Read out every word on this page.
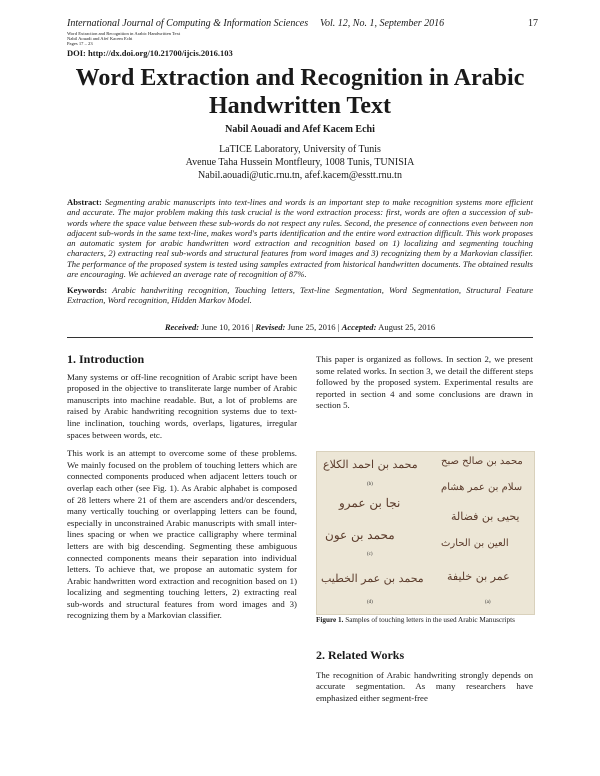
International Journal of Computing & Information Sciences Vol. 12, No. 1, September 2016	17
Word Extraction and Recognition in Arabic Handwritten Text
Nabil Aouadi and Afef Kacem Echi
Pages 17 – 23
DOI: http://dx.doi.org/10.21700/ijcis.2016.103
Word Extraction and Recognition in Arabic Handwritten Text
Nabil Aouadi and Afef Kacem Echi
LaTICE Laboratory, University of Tunis
Avenue Taha Hussein Montfleury, 1008 Tunis, TUNISIA
Nabil.aouadi@utic.rnu.tn, afef.kacem@esstt.rnu.tn
Abstract: Segmenting arabic manuscripts into text-lines and words is an important step to make recognition systems more efficient and accurate. The major problem making this task crucial is the word extraction process: first, words are often a succession of sub-words where the space value between these sub-words do not respect any rules. Second, the presence of connections even between non adjacent sub-words in the same text-line, makes word's parts identification and the entire word extraction difficult. This work proposes an automatic system for arabic handwritten word extraction and recognition based on 1) localizing and segmenting touching characters, 2) extracting real sub-words and structural features from word images and 3) recognizing them by a Markovian classifier. The performance of the proposed system is tested using samples extracted from historical handwritten documents. The obtained results are encouraging. We achieved an average rate of recognition of 87%.
Keywords: Arabic handwriting recognition, Touching letters, Text-line Segmentation, Word Segmentation, Structural Feature Extraction, Word recognition, Hidden Markov Model.
Received: June 10, 2016 | Revised: June 25, 2016 | Accepted: August 25, 2016
1. Introduction

Many systems or off-line recognition of Arabic script have been proposed in the objective to transliterate large number of Arabic manuscripts into machine readable. But, a lot of problems are raised by Arabic handwriting recognition systems due to text-line inclination, touching words, overlaps, ligatures, irregular spaces between words, etc.

This work is an attempt to overcome some of these problems. We mainly focused on the problem of touching letters which are connected components produced when adjacent letters touch or overlap each other (see Fig. 1). As Arabic alphabet is composed of 28 letters where 21 of them are ascenders and/or descenders, many vertically touching or overlapping letters can be found, especially in unconstrained Arabic manuscripts with small inter-lines spacing or when we practice calligraphy where terminal letters are with big descending. Segmenting these ambiguous connected components means their separation into individual letters. To achieve that, we propose an automatic system for Arabic handwritten word extraction and recognition based on 1) localizing and segmenting touching letters, 2) extracting real sub-words and structural features from word images and 3) recognizing them by a Markovian classifier.

This paper is organized as follows. In section 2, we present some related works. In section 3, we detail the different steps followed by the proposed system. Experimental results are reported in section 4 and some conclusions are drawn in section 5.

محمد بن احمد الكلاع
(b)
نجا بن عمرو
محمد بن عون
(c)
محمد بن عمر الخطيب
(d)
محمد بن صالح صبح
سلام بن عمر هشام
يحيى بن فضالة
العين بن الحارث
عمر بن خليفة
(a)
Figure 1. Samples of touching letters in the used Arabic Manuscripts
2. Related Works

The recognition of Arabic handwriting strongly depends on accurate segmentation. As many researchers have emphasized either segment-free
